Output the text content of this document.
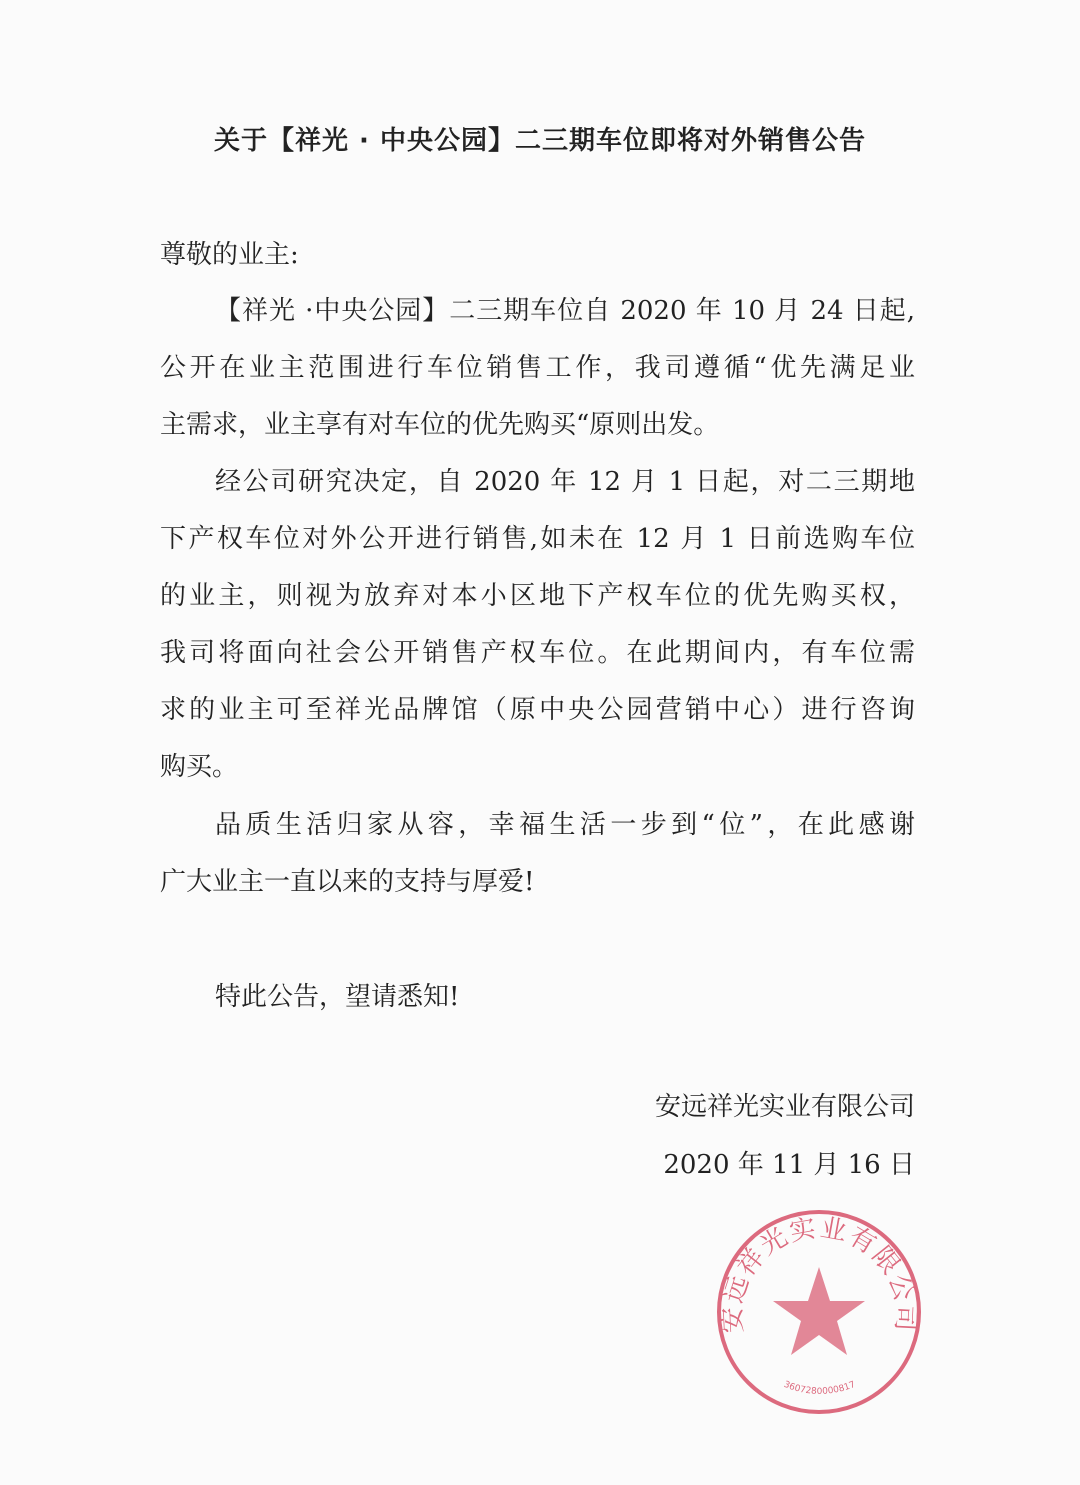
关于【祥光 · 中央公园】二三期车位即将对外销售公告
尊敬的业主:
【祥光 ·中央公园】二三期车位自 2020 年 10 月 24 日起,
公开在业主范围进行车位销售工作，我司遵循“优先满足业
主需求，业主享有对车位的优先购买“原则出发。
经公司研究决定，自 2020 年 12 月 1 日起，对二三期地
下产权车位对外公开进行销售,如未在 12 月 1 日前选购车位
的业主，则视为放弃对本小区地下产权车位的优先购买权，
我司将面向社会公开销售产权车位。在此期间内，有车位需
求的业主可至祥光品牌馆（原中央公园营销中心）进行咨询
购买。
品质生活归家从容，幸福生活一步到“位”，在此感谢
广大业主一直以来的支持与厚爱!
特此公告，望请悉知!
安远祥光实业有限公司
2020 年 11 月 16 日
安远祥光实业有限公司
3607280000817
